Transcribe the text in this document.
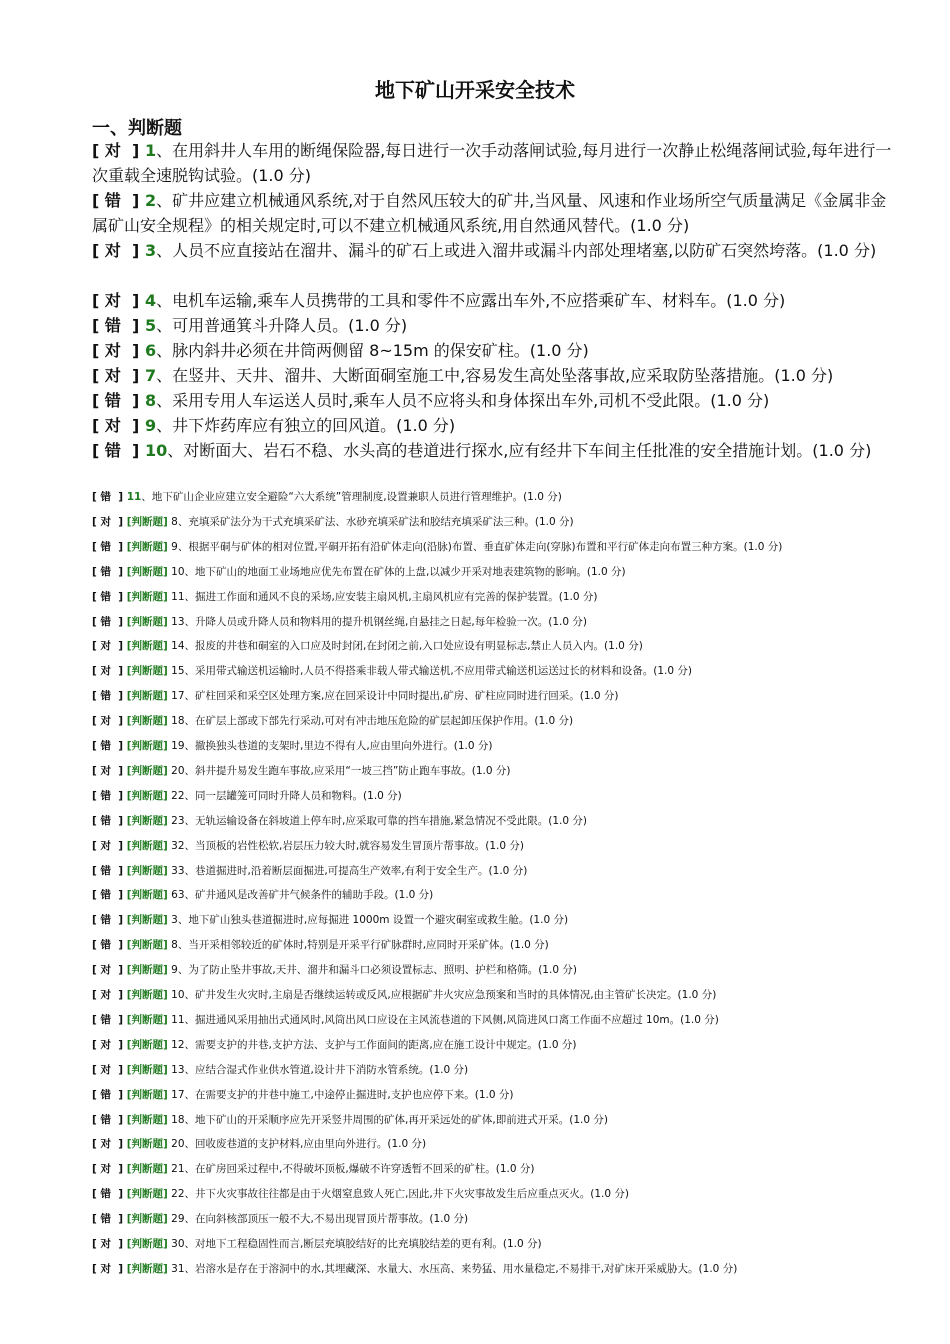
地下矿山开采安全技术
一、判断题
[ 对  ] 1、在用斜井人车用的断绳保险器,每日进行一次手动落闸试验,每月进行一次静止松绳落闸试验,每年进行一次重载全速脱钩试验。(1.0 分)
[ 错  ] 2、矿井应建立机械通风系统,对于自然风压较大的矿井,当风量、风速和作业场所空气质量满足《金属非金属矿山安全规程》的相关规定时,可以不建立机械通风系统,用自然通风替代。(1.0 分)
[ 对  ] 3、人员不应直接站在溜井、漏斗的矿石上或进入溜井或漏斗内部处理堵塞,以防矿石突然垮落。(1.0 分)
[ 对  ] 4、电机车运输,乘车人员携带的工具和零件不应露出车外,不应搭乘矿车、材料车。(1.0 分)
[ 错  ] 5、可用普通箕斗升降人员。(1.0 分)
[ 对  ] 6、脉内斜井必须在井筒两侧留 8~15m 的保安矿柱。(1.0 分)
[ 对  ] 7、在竖井、天井、溜井、大断面硐室施工中,容易发生高处坠落事故,应采取防坠落措施。(1.0 分)
[ 错  ] 8、采用专用人车运送人员时,乘车人员不应将头和身体探出车外,司机不受此限。(1.0 分)
[ 对  ] 9、井下炸药库应有独立的回风道。(1.0 分)
[ 错  ] 10、对断面大、岩石不稳、水头高的巷道进行探水,应有经井下车间主任批准的安全措施计划。(1.0 分)
[ 错  ] 11、地下矿山企业应建立安全避险“六大系统”管理制度,设置兼职人员进行管理维护。(1.0 分)
[ 对  ] [判断题] 8、充填采矿法分为干式充填采矿法、水砂充填采矿法和胶结充填采矿法三种。(1.0 分)
[ 错  ] [判断题] 9、根据平硐与矿体的相对位置,平硐开拓有沿矿体走向(沿脉)布置、垂直矿体走向(穿脉)布置和平行矿体走向布置三种方案。(1.0 分)
[ 错  ] [判断题] 10、地下矿山的地面工业场地应优先布置在矿体的上盘,以减少开采对地表建筑物的影响。(1.0 分)
[ 错  ] [判断题] 11、掘进工作面和通风不良的采场,应安装主扇风机,主扇风机应有完善的保护装置。(1.0 分)
[ 错  ] [判断题] 13、升降人员或升降人员和物料用的提升机钢丝绳,自悬挂之日起,每年检验一次。(1.0 分)
[ 对  ] [判断题] 14、报废的井巷和硐室的入口应及时封闭,在封闭之前,入口处应设有明显标志,禁止人员入内。(1.0 分)
[ 对  ] [判断题] 15、采用带式输送机运输时,人员不得搭乘非载人带式输送机,不应用带式输送机运送过长的材料和设备。(1.0 分)
[ 错  ] [判断题] 17、矿柱回采和采空区处理方案,应在回采设计中同时提出,矿房、矿柱应同时进行回采。(1.0 分)
[ 对  ] [判断题] 18、在矿层上部或下部先行采动,可对有冲击地压危险的矿层起卸压保护作用。(1.0 分)
[ 错  ] [判断题] 19、撤换独头巷道的支架时,里边不得有人,应由里向外进行。(1.0 分)
[ 对  ] [判断题] 20、斜井提升易发生跑车事故,应采用“一坡三挡”防止跑车事故。(1.0 分)
[ 错  ] [判断题] 22、同一层罐笼可同时升降人员和物料。(1.0 分)
[ 错  ] [判断题] 23、无轨运输设备在斜坡道上停车时,应采取可靠的挡车措施,紧急情况不受此限。(1.0 分)
[ 对  ] [判断题] 32、当顶板的岩性松软,岩层压力较大时,就容易发生冒顶片帮事故。(1.0 分)
[ 错  ] [判断题] 33、巷道掘进时,沿着断层面掘进,可提高生产效率,有利于安全生产。(1.0 分)
[ 错  ] [判断题] 63、矿井通风是改善矿井气候条件的辅助手段。(1.0 分)
[ 错  ] [判断题] 3、地下矿山独头巷道掘进时,应每掘进 1000m 设置一个避灾硐室或救生舱。(1.0 分)
[ 错  ] [判断题] 8、当开采相邻较近的矿体时,特别是开采平行矿脉群时,应同时开采矿体。(1.0 分)
[ 对  ] [判断题] 9、为了防止坠井事故,天井、溜井和漏斗口必须设置标志、照明、护栏和格筛。(1.0 分)
[ 对  ] [判断题] 10、矿井发生火灾时,主扇是否继续运转或反风,应根据矿井火灾应急预案和当时的具体情况,由主管矿长决定。(1.0 分)
[ 错  ] [判断题] 11、掘进通风采用抽出式通风时,风筒出风口应设在主风流巷道的下风侧,风筒进风口离工作面不应超过 10m。(1.0 分)
[ 对  ] [判断题] 12、需要支护的井巷,支护方法、支护与工作面间的距离,应在施工设计中规定。(1.0 分)
[ 对  ] [判断题] 13、应结合湿式作业供水管道,设计井下消防水管系统。(1.0 分)
[ 错  ] [判断题] 17、在需要支护的井巷中施工,中途停止掘进时,支护也应停下来。(1.0 分)
[ 错  ] [判断题] 18、地下矿山的开采顺序应先开采竖井周围的矿体,再开采远处的矿体,即前进式开采。(1.0 分)
[ 对  ] [判断题] 20、回收废巷道的支护材料,应由里向外进行。(1.0 分)
[ 对  ] [判断题] 21、在矿房回采过程中,不得破坏顶板,爆破不许穿透暂不回采的矿柱。(1.0 分)
[ 错  ] [判断题] 22、井下火灾事故往往都是由于火烟窒息致人死亡,因此,井下火灾事故发生后应重点灭火。(1.0 分)
[ 错  ] [判断题] 29、在向斜核部顶压一般不大,不易出现冒顶片帮事故。(1.0 分)
[ 对  ] [判断题] 30、对地下工程稳固性而言,断层充填胶结好的比充填胶结差的更有利。(1.0 分)
[ 对  ] [判断题] 31、岩溶水是存在于溶洞中的水,其埋藏深、水量大、水压高、来势猛、用水量稳定,不易排干,对矿床开采威胁大。(1.0 分)
